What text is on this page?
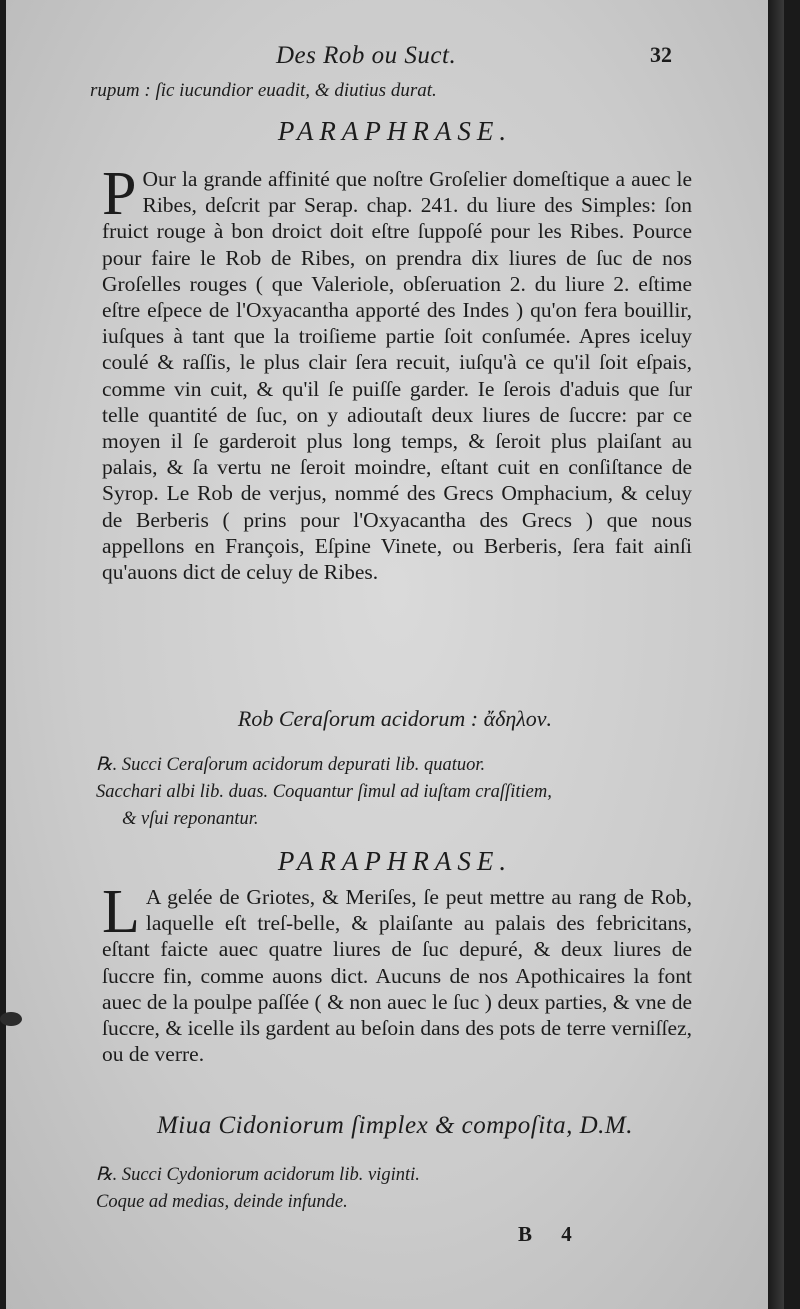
Des Rob ou Suct.	32
rupum : ſic iucundior euadit, & diutius durat.
PARAPHRASE.
P Our la grande affinité que noſtre Groſelier domeſtique a auec le Ribes, deſcrit par Serap. chap. 241. du liure des Simples: ſon fruict rouge à bon droict doit eſtre ſuppoſé pour les Ribes. Pource pour faire le Rob de Ribes, on prendra dix liures de ſuc de nos Groſelles rouges ( que Valeriole, obſeruation 2. du liure 2. eſtime eſtre eſpece de l'Oxyacantha apporté des Indes ) qu'on fera bouillir, iuſques à tant que la troiſieme partie ſoit conſumée. Apres iceluy coulé & raſſis, le plus clair ſera recuit, iuſqu'à ce qu'il ſoit eſpais, comme vin cuit, & qu'il ſe puiſſe garder. Ie ſerois d'aduis que ſur telle quantité de ſuc, on y adioutaſt deux liures de ſuccre: par ce moyen il ſe garderoit plus long temps, & ſeroit plus plaiſant au palais, & ſa vertu ne ſeroit moindre, eſtant cuit en conſiſtance de Syrop. Le Rob de verjus, nommé des Grecs Omphacium, & celuy de Berberis ( prins pour l'Oxyacantha des Grecs ) que nous appellons en François, Eſpine Vinete, ou Berberis, ſera fait ainſi qu'auons dict de celuy de Ribes.
Rob Ceraſorum acidorum : ἄδηλον.

℞. Succi Ceraſorum acidorum depurati lib. quatuor.

Sacchari albi lib. duas. Coquantur ſimul ad iuſtam craſſitiem,

& vſui reponantur.

PARAPHRASE.
L A gelée de Griotes, & Meriſes, ſe peut mettre au rang de Rob, laquelle eſt treſ-belle, & plaiſante au palais des febricitans, eſtant faicte auec quatre liures de ſuc depuré, & deux liures de ſuccre fin, comme auons dict. Aucuns de nos Apothicaires la font auec de la poulpe paſſée ( & non auec le ſuc ) deux parties, & vne de ſuccre, & icelle ils gardent au beſoin dans des pots de terre verniſſez, ou de verre.
Miua Cidoniorum ſimplex & compoſita, D.M.

℞. Succi Cydoniorum acidorum lib. viginti.

Coque ad medias, deinde infunde.

B 4
